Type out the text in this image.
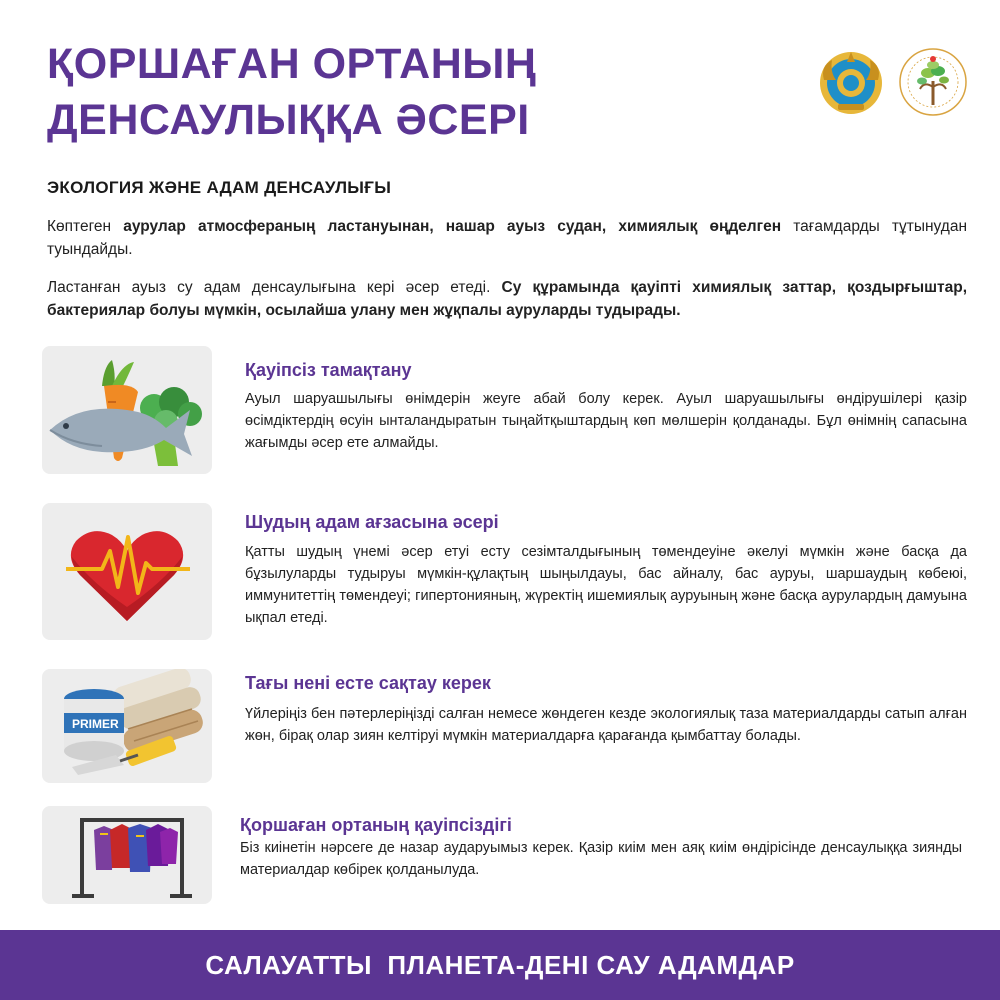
ҚОРШАҒАН ОРТАНЫҢ
ДЕНСАУЛЫҚҚА ӘСЕРІ
ЭКОЛОГИЯ ЖӘНЕ АДАМ ДЕНСАУЛЫҒЫ

Көптеген аурулар атмосфераның ластануынан, нашар ауыз судан, химиялық өңделген тағамдарды тұтынудан туындайды.

Ластанған ауыз су адам денсаулығына кері әсер етеді. Су құрамында қауіпті химиялық заттар, қоздырғыштар, бактериялар болуы мүмкін, осылайша улану мен жұқпалы ауруларды тудырады.

Қауіпсіз тамақтану
Ауыл шаруашылығы өнімдерін жеуге абай болу керек. Ауыл шаруашылығы өндірушілері қазір өсімдіктердің өсуін ынталандыратын тыңайтқыштардың көп мөлшерін қолданады. Бұл өнімнің сапасына жағымды әсер ете алмайды.
Шудың адам ағзасына әсері
Қатты шудың үнемі әсер етуі есту сезімталдығының төмендеуіне әкелуі мүмкін және басқа да бұзылуларды тудыруы мүмкін-құлақтың шыңылдауы, бас айналу, бас ауруы, шаршаудың көбеюі, иммунитеттің төмендеуі; гипертонияның, жүректің ишемиялық ауруының және басқа аурулардың дамуына ықпал етеді.
PRIMER
Тағы нені есте сақтау керек
Үйлеріңіз бен пәтерлеріңізді салған немесе жөндеген кезде экологиялық таза материалдарды сатып алған жөн, бірақ олар зиян келтіруі мүмкін материалдарға қарағанда қымбаттау болады.
Қоршаған ортаның қауіпсіздігі
Біз киінетін нәрсеге де назар аударуымыз керек. Қазір киім мен аяқ киім өндірісінде денсаулыққа зиянды материалдар көбірек қолданылуда.
САЛАУАТТЫ  ПЛАНЕТА-ДЕНІ САУ АДАМДАР
